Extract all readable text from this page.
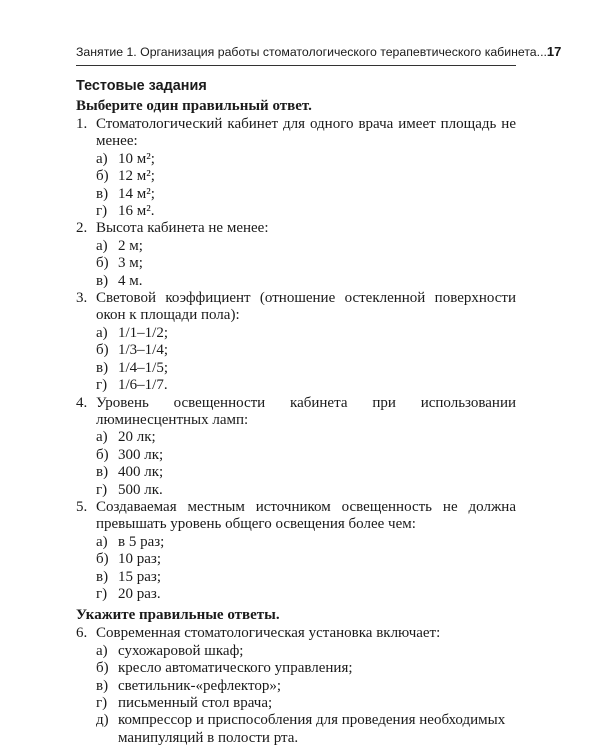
Занятие 1. Организация работы стоматологического терапевтического кабинета... 17
Тестовые задания
Выберите один правильный ответ.
1. Стоматологический кабинет для одного врача имеет площадь не менее:
а) 10 м²;
б) 12 м²;
в) 14 м²;
г) 16 м².
2. Высота кабинета не менее:
а) 2 м;
б) 3 м;
в) 4 м.
3. Световой коэффициент (отношение остекленной поверхности окон к площади пола):
а) 1/1–1/2;
б) 1/3–1/4;
в) 1/4–1/5;
г) 1/6–1/7.
4. Уровень освещенности кабинета при использовании люминесцентных ламп:
а) 20 лк;
б) 300 лк;
в) 400 лк;
г) 500 лк.
5. Создаваемая местным источником освещенность не должна превышать уровень общего освещения более чем:
а) в 5 раз;
б) 10 раз;
в) 15 раз;
г) 20 раз.
Укажите правильные ответы.
6. Современная стоматологическая установка включает:
а) сухожаровой шкаф;
б) кресло автоматического управления;
в) светильник-«рефлектор»;
г) письменный стол врача;
д) компрессор и приспособления для проведения необходимых манипуляций в полости рта.
